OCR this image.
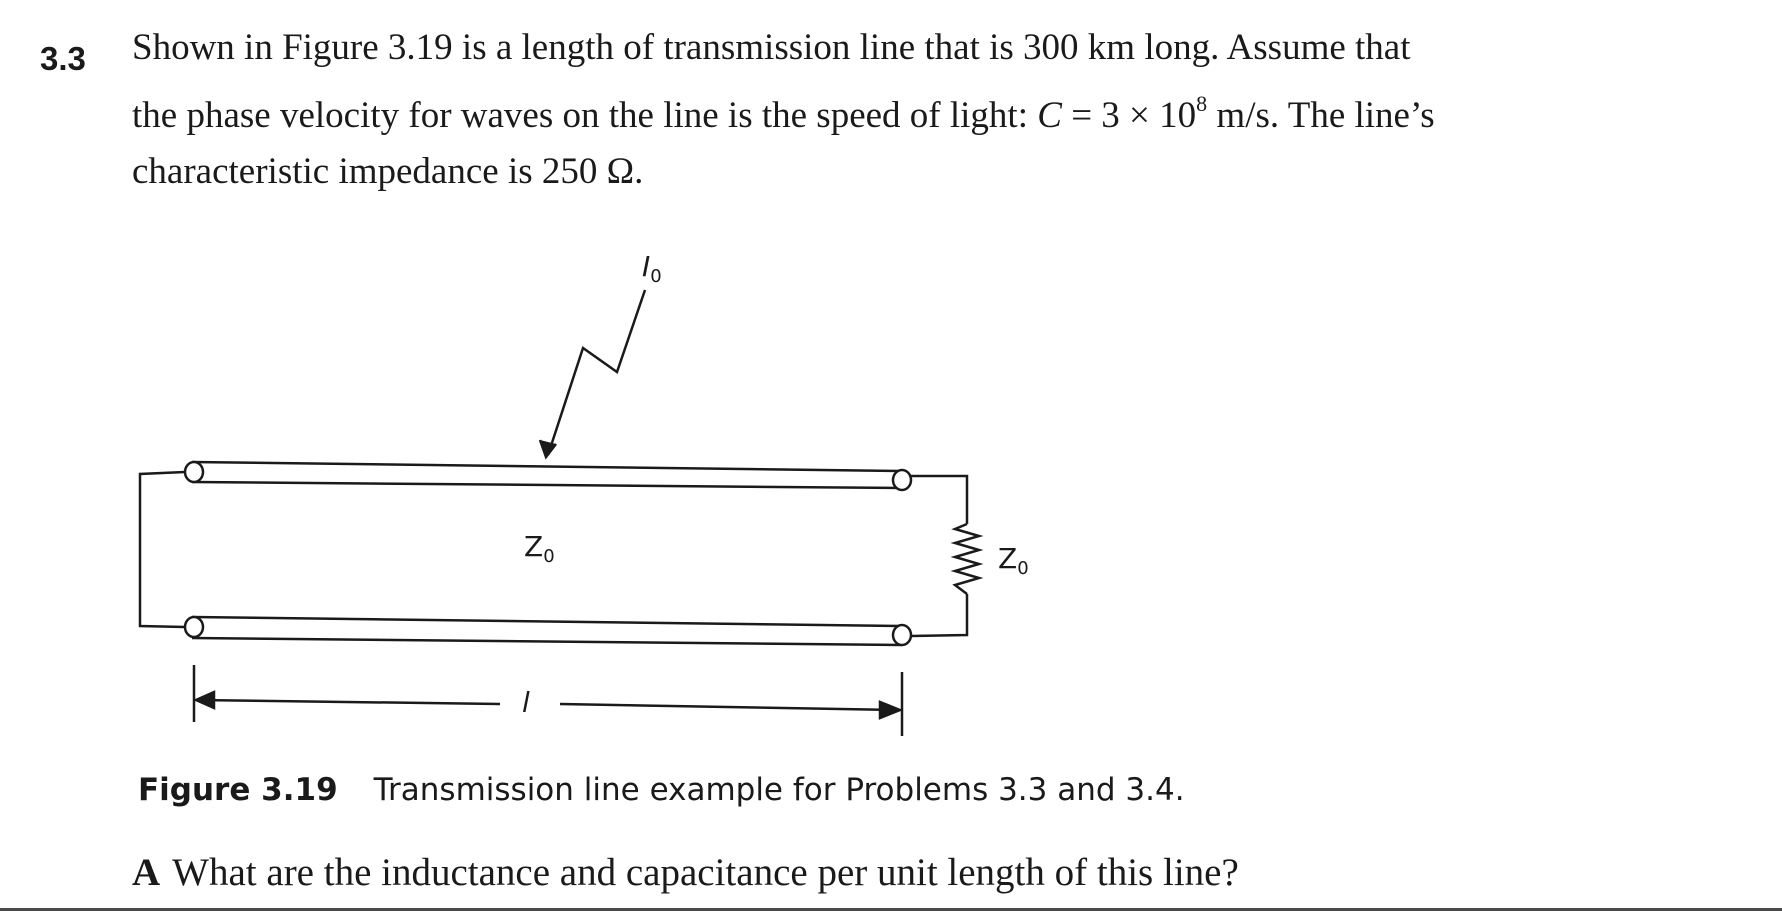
3.3 Shown in Figure 3.19 is a length of transmission line that is 300 km long. Assume that
the phase velocity for waves on the line is the speed of light: $C = 3 \times 10^8$ m/s. The line’s
characteristic impedance is 250 Ω.
$I_0$
$Z_0$	$Z_0$
l
Figure 3.19 Transmission line example for Problems 3.3 and 3.4.
A What are the inductance and capacitance per unit length of this line?
